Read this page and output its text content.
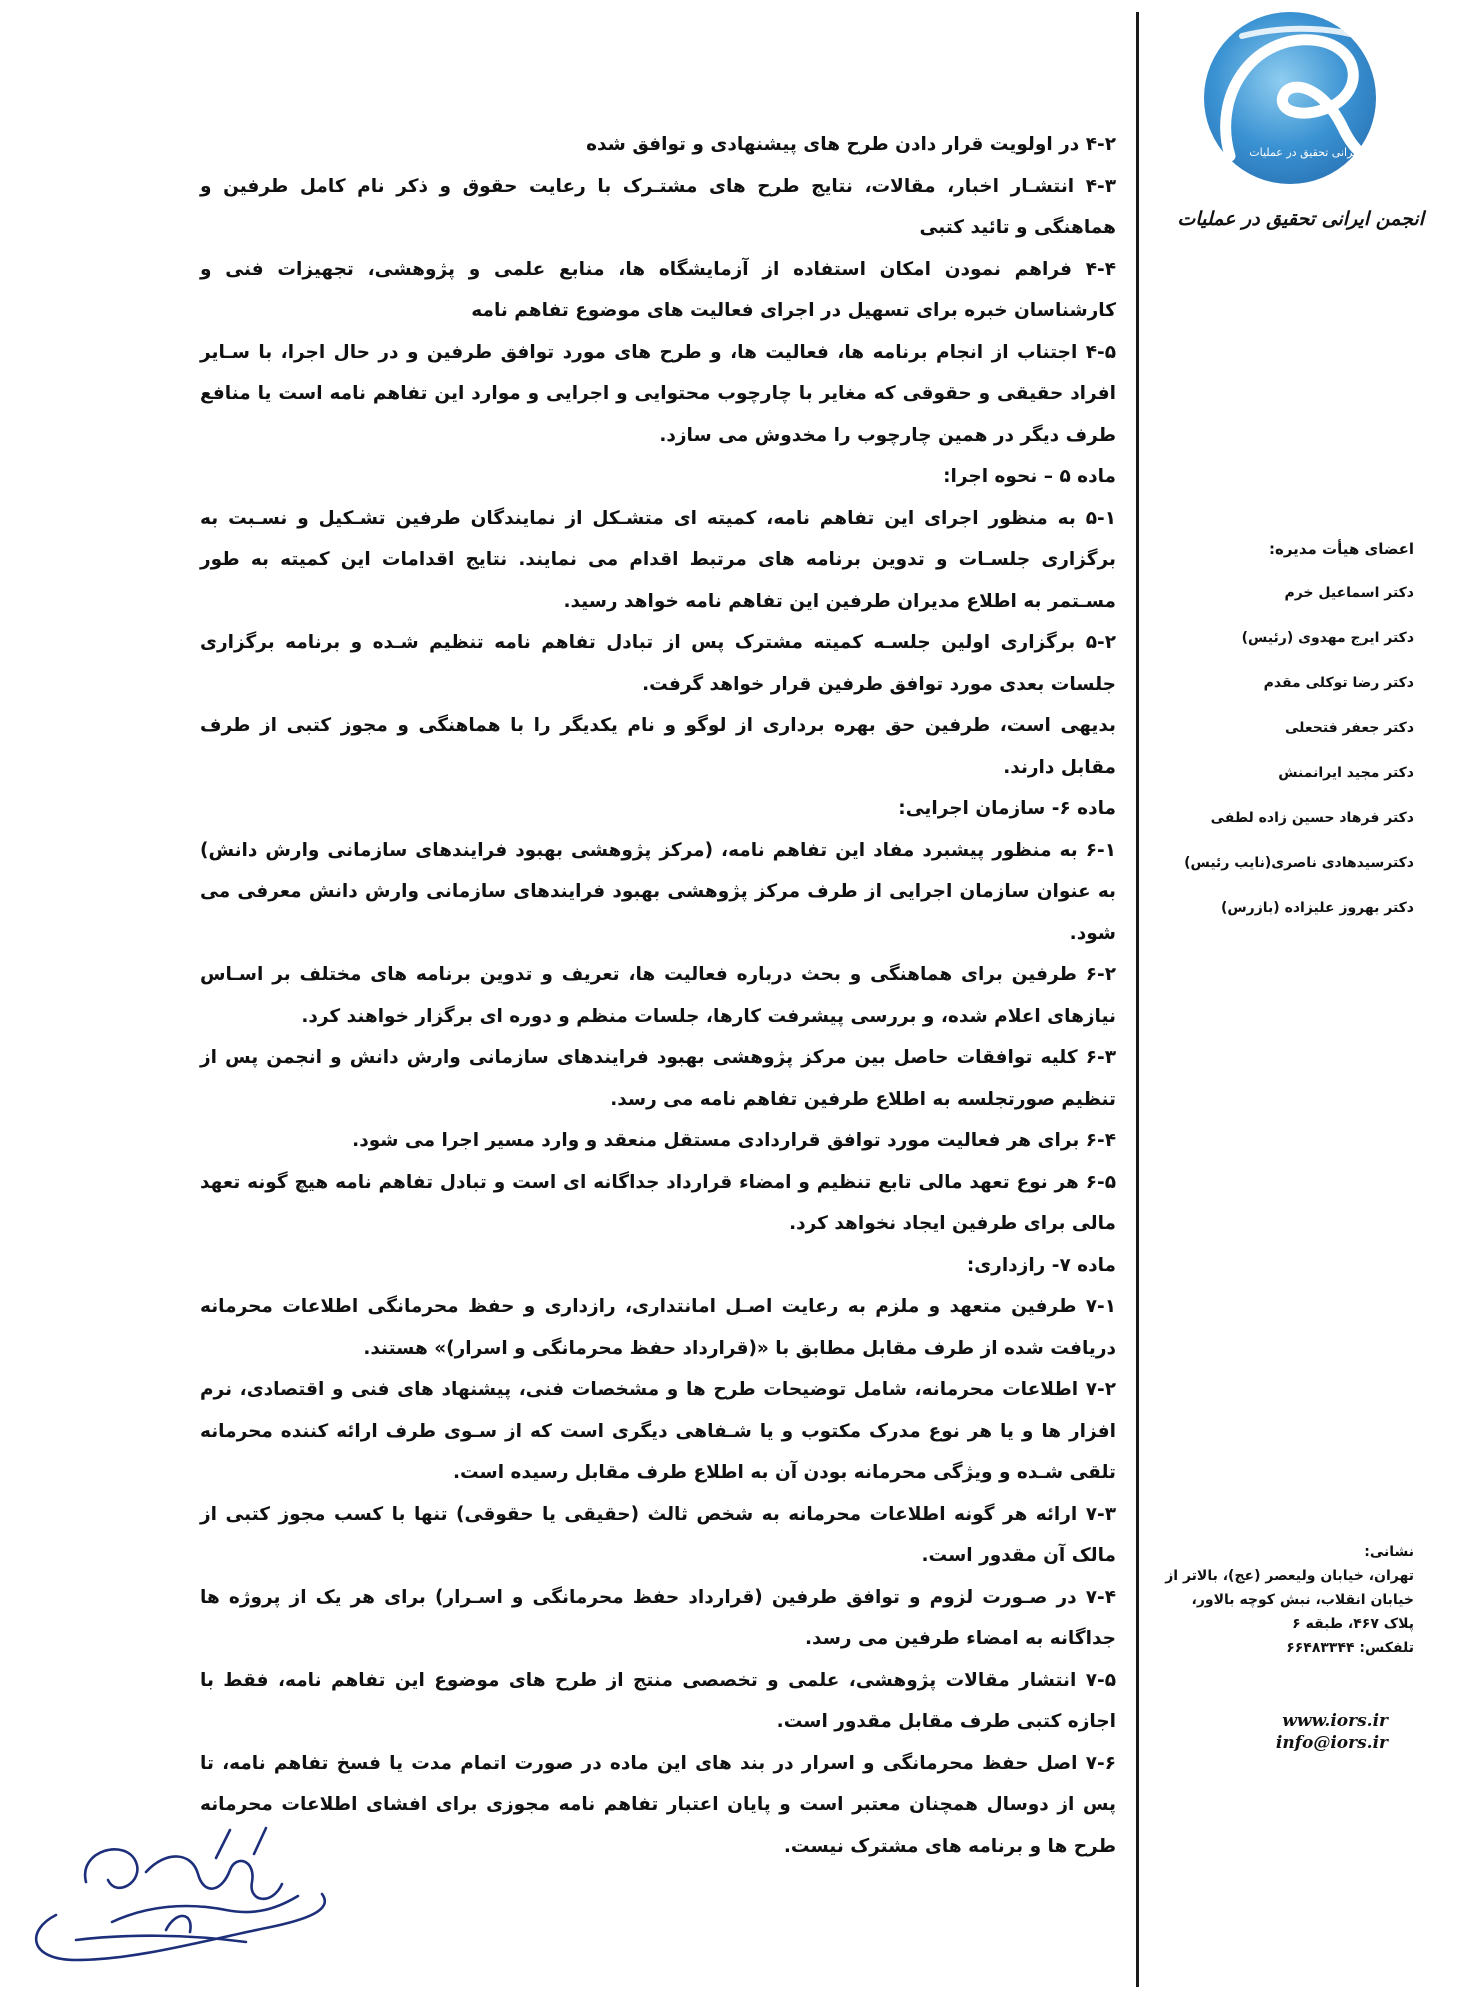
انجمن ایرانی تحقیق در عملیات
انجمن ایرانی تحقیق در عملیات
اعضای هیأت مدیره:
دکتر اسماعیل خرم
دکتر ایرج مهدوی (رئیس)
دکتر رضا توکلی مقدم
دکتر جعفر فتحعلی
دکتر مجید ایرانمنش
دکتر فرهاد حسین زاده لطفی
دکترسیدهادی ناصری(نایب رئیس)
دکتر بهروز علیزاده (بازرس)
نشانی:
تهران، خیابان ولیعصر (عج)، بالاتر از
خیابان انقلاب، نبش کوچه بالاور،
پلاک ۴۶۷، طبقه ۶
تلفکس: ۶۶۴۸۳۳۴۴
www.iors.ir
info@iors.ir

۴-۲ در اولویت قرار دادن طرح های پیشنهادی و توافق شده

۴-۳ انتشـار اخبار، مقالات، نتایج طرح های مشتـرک با رعایت حقوق و ذکر نام کامل طرفین و هماهنگی و تائید کتبی

۴-۴ فراهم نمودن امکان استفاده از آزمایشگاه ها، منابع علمی و پژوهشی، تجهیزات فنی و کارشناسان خبره برای تسهیل در اجرای فعالیت های موضوع تفاهم نامه

۴-۵ اجتناب از انجام برنامه ها، فعالیت ها، و طرح های مورد توافق طرفین و در حال اجرا، با سـایر افراد حقیقی و حقوقی که مغایر با چارچوب محتوایی و اجرایی و موارد این تفاهم نامه است یا منافع طرف دیگر در همین چارچوب را مخدوش می سازد.

ماده ۵ – نحوه اجرا:

۵-۱ به منظور اجرای این تفاهم نامه، کمیته ای متشـکل از نمایندگان طرفین تشـکیل و نسـبت به برگزاری جلسـات و تدوین برنامه های مرتبط اقدام می نمایند. نتایج اقدامات این کمیته به طور مسـتمر به اطلاع مدیران طرفین این تفاهم نامه خواهد رسید.

۵-۲ برگزاری اولین جلسـه کمیته مشترک پس از تبادل تفاهم نامه تنظیم شـده و برنامه برگزاری جلسات بعدی مورد توافق طرفین قرار خواهد گرفت.

بدیهی است، طرفین حق بهره برداری از لوگو و نام یکدیگر را با هماهنگی و مجوز کتبی از طرف مقابل دارند.

ماده ۶- سازمان اجرایی:

۶-۱ به منظور پیشبرد مفاد این تفاهم نامه، (مرکز پژوهشی بهبود فرایندهای سازمانی وارش دانش) به عنوان سازمان اجرایی از طرف مرکز پژوهشی بهبود فرایندهای سازمانی وارش دانش معرفی می شود.

۶-۲ طرفین برای هماهنگی و بحث درباره فعالیت ها، تعریف و تدوین برنامه های مختلف بر اسـاس نیازهای اعلام شده، و بررسی پیشرفت کارها، جلسات منظم و دوره ای برگزار خواهند کرد.

۶-۳ کلیه توافقات حاصل بین مرکز پژوهشی بهبود فرایندهای سازمانی وارش دانش و انجمن پس از تنظیم صورتجلسه به اطلاع طرفین تفاهم نامه می رسد.

۶-۴ برای هر فعالیت مورد توافق قراردادی مستقل منعقد و وارد مسیر اجرا می شود.

۶-۵ هر نوع تعهد مالی تابع تنظیم و امضاء قرارداد جداگانه ای است و تبادل تفاهم نامه هیچ گونه تعهد مالی برای طرفین ایجاد نخواهد کرد.

ماده ۷- رازداری:

۷-۱ طرفین متعهد و ملزم به رعایت اصـل امانتداری، رازداری و حفظ محرمانگی اطلاعات محرمانه دریافت شده از طرف مقابل مطابق با «(قرارداد حفظ محرمانگی و اسرار)» هستند.

۷-۲ اطلاعات محرمانه، شامل توضیحات طرح ها و مشخصات فنی، پیشنهاد های فنی و اقتصادی، نرم افزار ها و یا هر نوع مدرک مکتوب و یا شـفاهی دیگری است که از سـوی طرف ارائه کننده محرمانه تلقی شـده و ویژگی محرمانه بودن آن به اطلاع طرف مقابل رسیده است.

۷-۳ ارائه هر گونه اطلاعات محرمانه به شخص ثالث (حقیقی یا حقوقی) تنها با کسب مجوز کتبی از مالک آن مقدور است.

۷-۴ در صـورت لزوم و توافق طرفین (قرارداد حفظ محرمانگی و اسـرار) برای هر یک از پروژه ها جداگانه به امضاء طرفین می رسد.

۷-۵ انتشار مقالات پژوهشی، علمی و تخصصی منتج از طرح های موضوع این تفاهم نامه، فقط با اجازه کتبی طرف مقابل مقدور است.

۷-۶ اصل حفظ محرمانگی و اسرار در بند های این ماده در صورت اتمام مدت یا فسخ تفاهم نامه، تا پس از دوسال همچنان معتبر است و پایان اعتبار تفاهم نامه مجوزی برای افشای اطلاعات محرمانه طرح ها و برنامه های مشترک نیست.
